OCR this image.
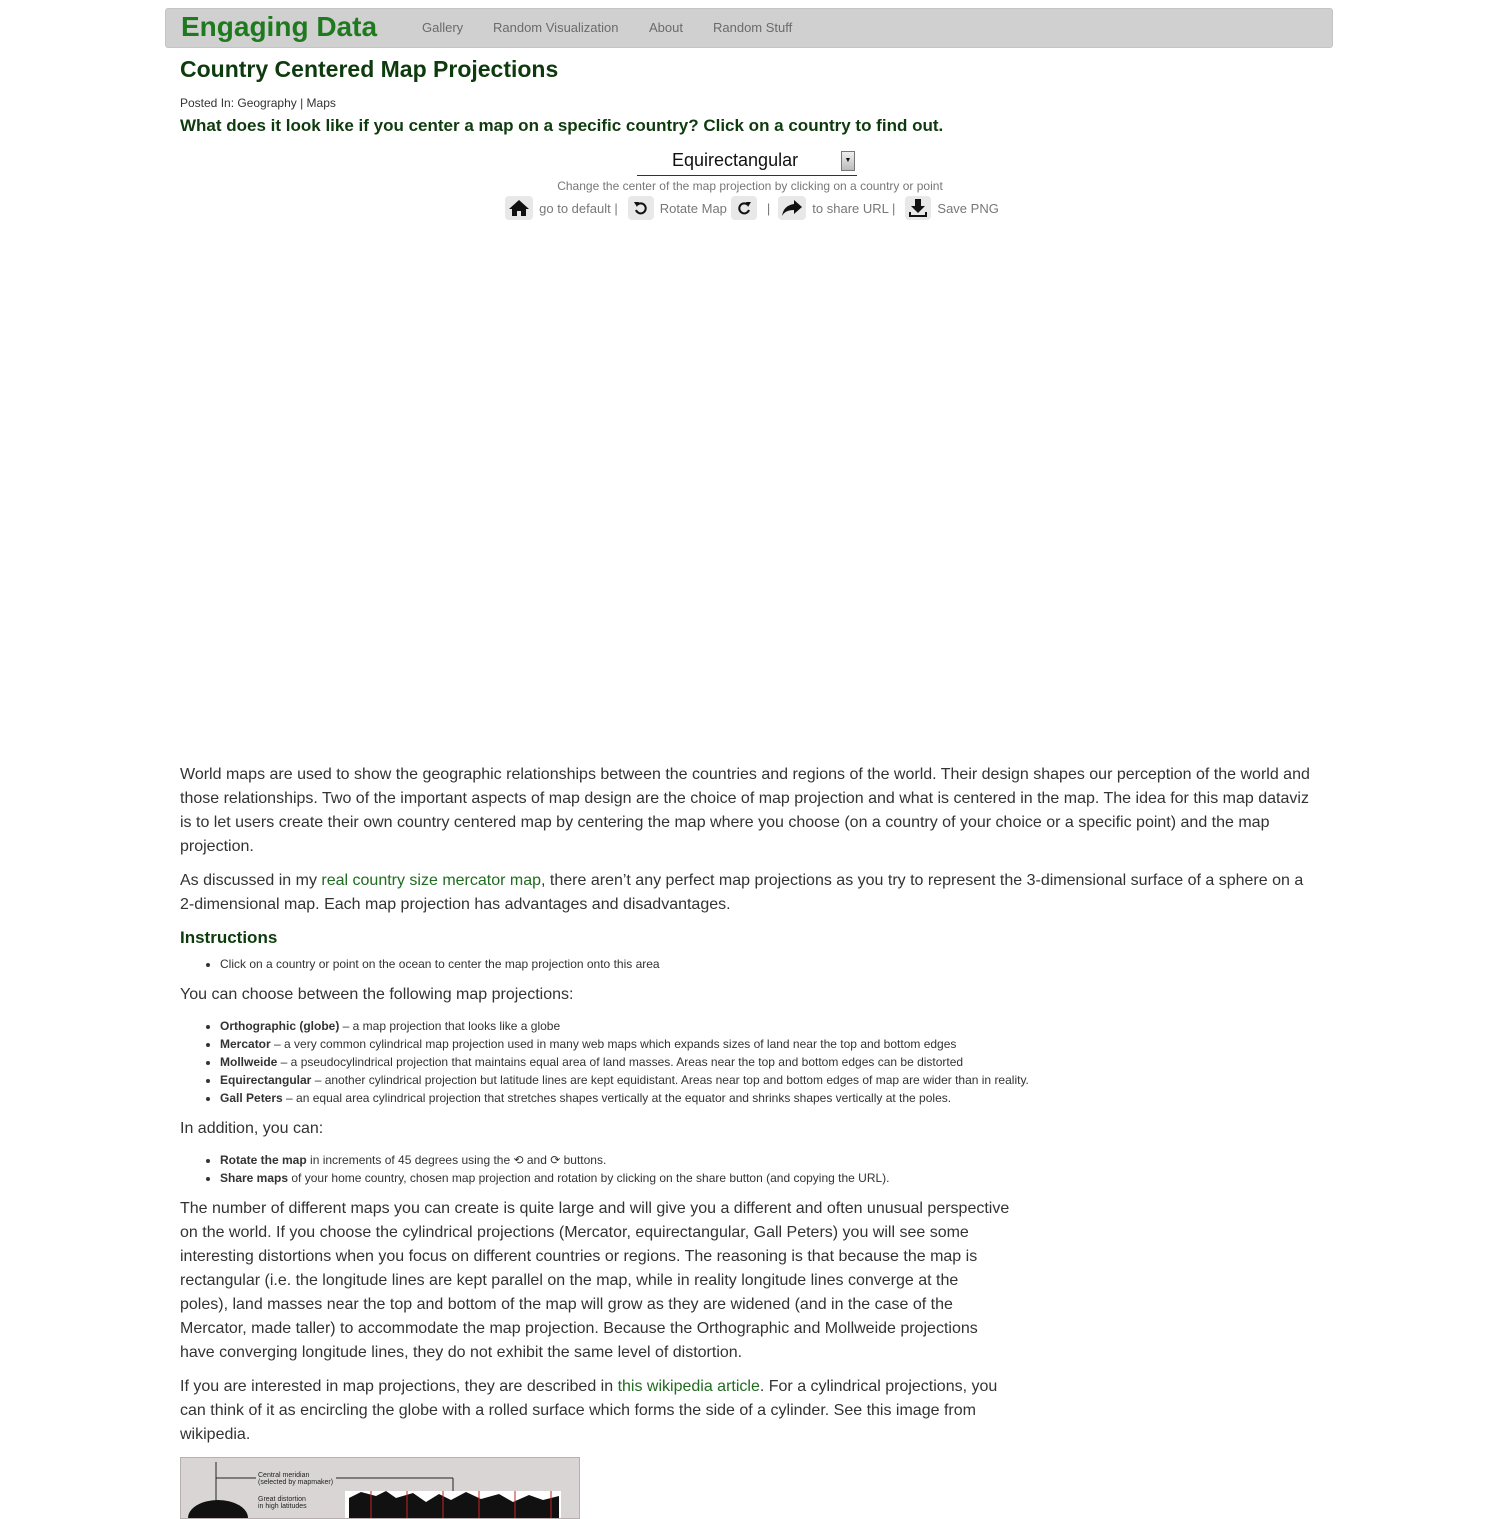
Engaging Data	Gallery Random Visualization About Random Stuff
Country Centered Map Projections
Posted In: Geography | Maps
What does it look like if you center a map on a specific country? Click on a country to find out.
Equirectangular	▼
Change the center of the map projection by clicking on a country or point
go to default |	Rotate Map	|	to share URL |	Save PNG

World maps are used to show the geographic relationships between the countries and regions of the world. Their design shapes our perception of the world and those relationships. Two of the important aspects of map design are the choice of map projection and what is centered in the map. The idea for this map dataviz is to let users create their own country centered map by centering the map where you choose (on a country of your choice or a specific point) and the map projection.

As discussed in my real country size mercator map, there aren’t any perfect map projections as you try to represent the 3-dimensional surface of a sphere on a 2-dimensional map. Each map projection has advantages and disadvantages.

Instructions
• Click on a country or point on the ocean to center the map projection onto this area

You can choose between the following map projections:

• Orthographic (globe) – a map projection that looks like a globe
• Mercator – a very common cylindrical map projection used in many web maps which expands sizes of land near the top and bottom edges
• Mollweide – a pseudocylindrical projection that maintains equal area of land masses. Areas near the top and bottom edges can be distorted
• Equirectangular – another cylindrical projection but latitude lines are kept equidistant. Areas near top and bottom edges of map are wider than in reality.
• Gall Peters – an equal area cylindrical projection that stretches shapes vertically at the equator and shrinks shapes vertically at the poles.

In addition, you can:

• Rotate the map in increments of 45 degrees using the ⟲ and ⟳ buttons.
• Share maps of your home country, chosen map projection and rotation by clicking on the share button (and copying the URL).

The number of different maps you can create is quite large and will give you a different and often unusual perspective on the world. If you choose the cylindrical projections (Mercator, equirectangular, Gall Peters) you will see some interesting distortions when you focus on different countries or regions. The reasoning is that because the map is rectangular (i.e. the longitude lines are kept parallel on the map, while in reality longitude lines converge at the poles), land masses near the top and bottom of the map will grow as they are widened (and in the case of the Mercator, made taller) to accommodate the map projection. Because the Orthographic and Mollweide projections have converging longitude lines, they do not exhibit the same level of distortion.

If you are interested in map projections, they are described in this wikipedia article. For a cylindrical projections, you can think of it as encircling the globe with a rolled surface which forms the side of a cylinder. See this image from wikipedia.

Central meridian
(selected by mapmaker)
Great distortion
in high latitudes
